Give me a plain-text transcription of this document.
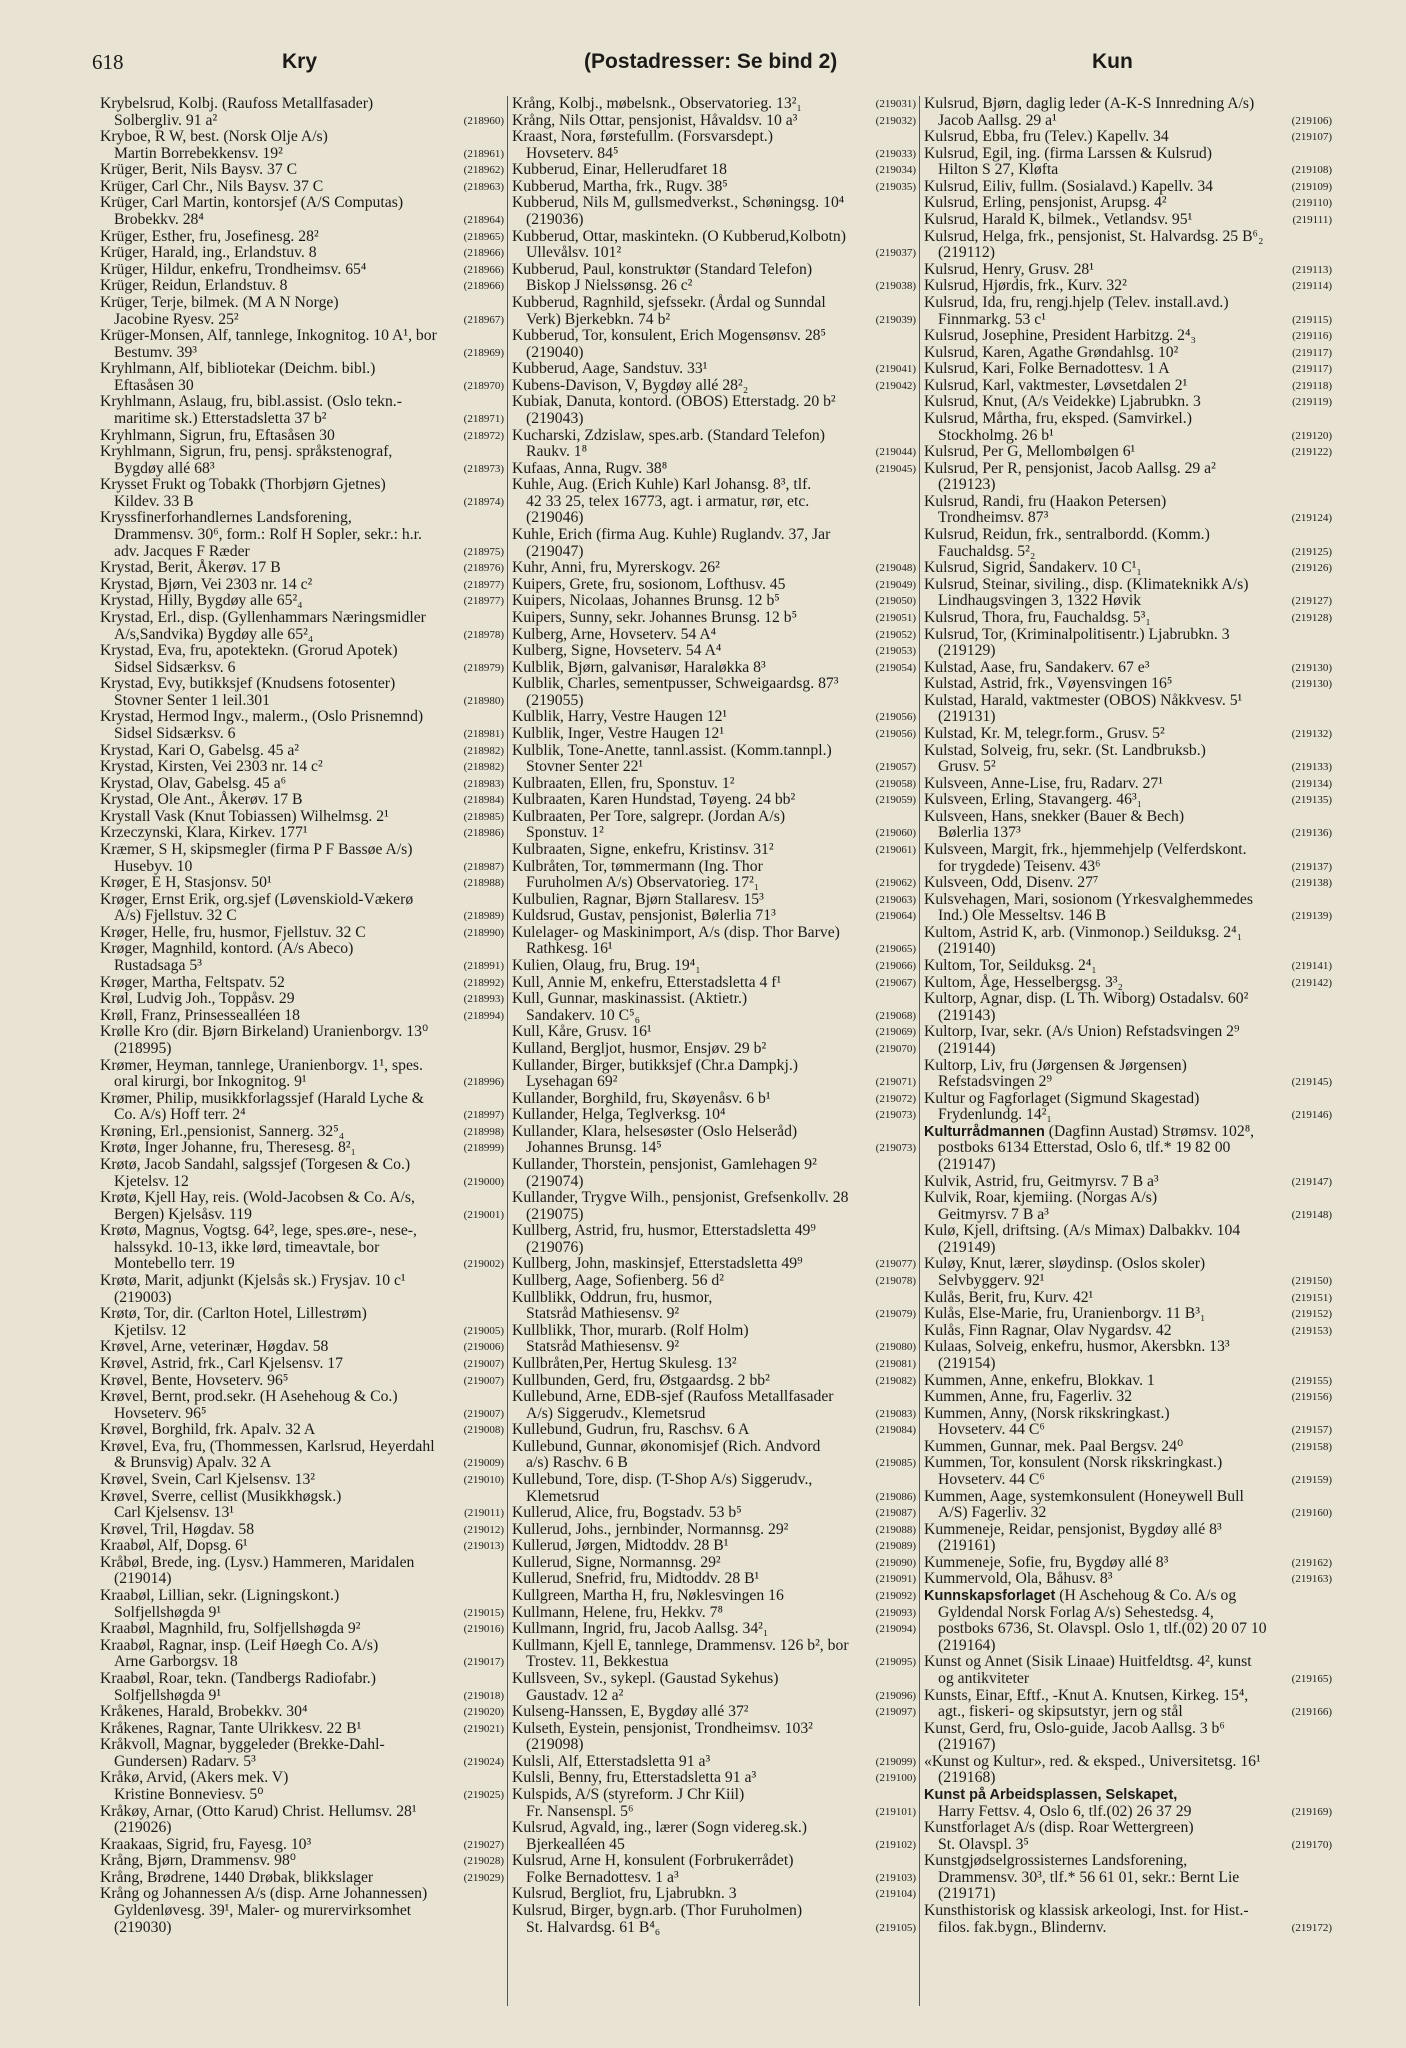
618	Kry	(Postadresser: Se bind 2)	Kun
Krybelsrud, Kolbj. (Raufoss Metallfasader)
Solbergliv. 91 a²	(218960)
Kryboe, R W, best. (Norsk Olje A/s)
Martin Borrebekkensv. 19²	(218961)
Krüger, Berit, Nils Baysv. 37 C	(218962)
Krüger, Carl Chr., Nils Baysv. 37 C	(218963)
Krüger, Carl Martin, kontorsjef (A/S Computas)
Brobekkv. 28⁴	(218964)
Krüger, Esther, fru, Josefinesg. 28²	(218965)
Krüger, Harald, ing., Erlandstuv. 8	(218966)
Krüger, Hildur, enkefru, Trondheimsv. 65⁴	(218966)
Krüger, Reidun, Erlandstuv. 8	(218966)
Krüger, Terje, bilmek. (M A N Norge)
Jacobine Ryesv. 25²	(218967)
Krüger-Monsen, Alf, tannlege, Inkognitog. 10 A¹, bor
Bestumv. 39³	(218969)
Kryhlmann, Alf, bibliotekar (Deichm. bibl.)
Eftasåsen 30	(218970)
Kryhlmann, Aslaug, fru, bibl.assist. (Oslo tekn.-
maritime sk.) Etterstadsletta 37 b²	(218971)
Kryhlmann, Sigrun, fru, Eftasåsen 30	(218972)
Kryhlmann, Sigrun, fru, pensj. språkstenograf,
Bygdøy allé 68³	(218973)
Krysset Frukt og Tobakk (Thorbjørn Gjetnes)
Kildev. 33 B	(218974)
Kryssfinerforhandlernes Landsforening,
Drammensv. 30⁶, form.: Rolf H Sopler, sekr.: h.r.
adv. Jacques F Ræder	(218975)
Krystad, Berit, Åkerøv. 17 B	(218976)
Krystad, Bjørn, Vei 2303 nr. 14 c²	(218977)
Krystad, Hilly, Bygdøy alle 65²₄	(218977)
Krystad, Erl., disp. (Gyllenhammars Næringsmidler
A/s,Sandvika) Bygdøy alle 65²₄	(218978)
Krystad, Eva, fru, apotektekn. (Grorud Apotek)
Sidsel Sidsærksv. 6	(218979)
Krystad, Evy, butikksjef (Knudsens fotosenter)
Stovner Senter 1 leil.301	(218980)
Krystad, Hermod Ingv., malerm., (Oslo Prisnemnd)
Sidsel Sidsærksv. 6	(218981)
Krystad, Kari O, Gabelsg. 45 a²	(218982)
Krystad, Kirsten, Vei 2303 nr. 14 c²	(218982)
Krystad, Olav, Gabelsg. 45 a⁶	(218983)
Krystad, Ole Ant., Åkerøv. 17 B	(218984)
Krystall Vask (Knut Tobiassen) Wilhelmsg. 2¹	(218985)
Krzeczynski, Klara, Kirkev. 177¹	(218986)
Kræmer, S H, skipsmegler (firma P F Bassøe A/s)
Husebyv. 10	(218987)
Krøger, E H, Stasjonsv. 50¹	(218988)
Krøger, Ernst Erik, org.sjef (Løvenskiold-Vækerø
A/s) Fjellstuv. 32 C	(218989)
Krøger, Helle, fru, husmor, Fjellstuv. 32 C	(218990)
Krøger, Magnhild, kontord. (A/s Abeco)
Rustadsaga 5³	(218991)
Krøger, Martha, Feltspatv. 52	(218992)
Krøl, Ludvig Joh., Toppåsv. 29	(218993)
Krøll, Franz, Prinsessealléen 18	(218994)
Krølle Kro (dir. Bjørn Birkeland) Uranienborgv. 13⁰
(218995)
Krømer, Heyman, tannlege, Uranienborgv. 1¹, spes.
oral kirurgi, bor Inkognitog. 9¹	(218996)
Krømer, Philip, musikkforlagssjef (Harald Lyche &
Co. A/s) Hoff terr. 2⁴	(218997)
Krøning, Erl.,pensionist, Sannerg. 32⁵₄	(218998)
Krøtø, Inger Johanne, fru, Theresesg. 8²₁	(218999)
Krøtø, Jacob Sandahl, salgssjef (Torgesen & Co.)
Kjetelsv. 12	(219000)
Krøtø, Kjell Hay, reis. (Wold-Jacobsen & Co. A/s,
Bergen) Kjelsåsv. 119	(219001)
Krøtø, Magnus, Vogtsg. 64², lege, spes.øre-, nese-,
halssykd. 10-13, ikke lørd, timeavtale, bor
Montebello terr. 19	(219002)
Krøtø, Marit, adjunkt (Kjelsås sk.) Frysjav. 10 c¹
(219003)
Krøtø, Tor, dir. (Carlton Hotel, Lillestrøm)
Kjetilsv. 12	(219005)
Krøvel, Arne, veterinær, Høgdav. 58	(219006)
Krøvel, Astrid, frk., Carl Kjelsensv. 17	(219007)
Krøvel, Bente, Hovseterv. 96⁵	(219007)
Krøvel, Bernt, prod.sekr. (H Asehehoug & Co.)
Hovseterv. 96⁵	(219007)
Krøvel, Borghild, frk. Apalv. 32 A	(219008)
Krøvel, Eva, fru, (Thommessen, Karlsrud, Heyerdahl
& Brunsvig) Apalv. 32 A	(219009)
Krøvel, Svein, Carl Kjelsensv. 13²	(219010)
Krøvel, Sverre, cellist (Musikkhøgsk.)
Carl Kjelsensv. 13¹	(219011)
Krøvel, Tril, Høgdav. 58	(219012)
Kraabøl, Alf, Dopsg. 6¹	(219013)
Kråbøl, Brede, ing. (Lysv.) Hammeren, Maridalen
(219014)
Kraabøl, Lillian, sekr. (Ligningskont.)
Solfjellshøgda 9¹	(219015)
Kraabøl, Magnhild, fru, Solfjellshøgda 9²	(219016)
Kraabøl, Ragnar, insp. (Leif Høegh Co. A/s)
Arne Garborgsv. 18	(219017)
Kraabøl, Roar, tekn. (Tandbergs Radiofabr.)
Solfjellshøgda 9¹	(219018)
Kråkenes, Harald, Brobekkv. 30⁴	(219020)
Kråkenes, Ragnar, Tante Ulrikkesv. 22 B¹	(219021)
Kråkvoll, Magnar, byggeleder (Brekke-Dahl-
Gundersen) Radarv. 5³	(219024)
Kråkø, Arvid, (Akers mek. V)
Kristine Bonneviesv. 5⁰	(219025)
Kråkøy, Arnar, (Otto Karud) Christ. Hellumsv. 28¹
(219026)
Kraakaas, Sigrid, fru, Fayesg. 10³	(219027)
Krång, Bjørn, Drammensv. 98⁰	(219028)
Krång, Brødrene, 1440 Drøbak, blikkslager	(219029)
Krång og Johannessen A/s (disp. Arne Johannessen)
Gyldenløvesg. 39¹, Maler- og murervirksomhet
(219030)
Krång, Kolbj., møbelsnk., Observatorieg. 13²₁	(219031)
Krång, Nils Ottar, pensjonist, Håvaldsv. 10 a³	(219032)
Kraast, Nora, førstefullm. (Forsvarsdept.)
Hovseterv. 84⁵	(219033)
Kubberud, Einar, Hellerudfaret 18	(219034)
Kubberud, Martha, frk., Rugv. 38⁵	(219035)
Kubberud, Nils M, gullsmedverkst., Schøningsg. 10⁴
(219036)
Kubberud, Ottar, maskintekn. (O Kubberud,Kolbotn)
Ullevålsv. 101²	(219037)
Kubberud, Paul, konstruktør (Standard Telefon)
Biskop J Nielssønsg. 26 c²	(219038)
Kubberud, Ragnhild, sjefssekr. (Årdal og Sunndal
Verk) Bjerkebkn. 74 b²	(219039)
Kubberud, Tor, konsulent, Erich Mogensønsv. 28⁵
(219040)
Kubberud, Aage, Sandstuv. 33¹	(219041)
Kubens-Davison, V, Bygdøy allé 28²₂	(219042)
Kubiak, Danuta, kontord. (OBOS) Etterstadg. 20 b²
(219043)
Kucharski, Zdzislaw, spes.arb. (Standard Telefon)
Raukv. 1⁸	(219044)
Kufaas, Anna, Rugv. 38⁸	(219045)
Kuhle, Aug. (Erich Kuhle) Karl Johansg. 8³, tlf.
42 33 25, telex 16773, agt. i armatur, rør, etc.
(219046)
Kuhle, Erich (firma Aug. Kuhle) Ruglandv. 37, Jar
(219047)
Kuhr, Anni, fru, Myrerskogv. 26²	(219048)
Kuipers, Grete, fru, sosionom, Lofthusv. 45	(219049)
Kuipers, Nicolaas, Johannes Brunsg. 12 b⁵	(219050)
Kuipers, Sunny, sekr. Johannes Brunsg. 12 b⁵	(219051)
Kulberg, Arne, Hovseterv. 54 A⁴	(219052)
Kulberg, Signe, Hovseterv. 54 A⁴	(219053)
Kulblik, Bjørn, galvanisør, Haraløkka 8³	(219054)
Kulblik, Charles, sementpusser, Schweigaardsg. 87³
(219055)
Kulblik, Harry, Vestre Haugen 12¹	(219056)
Kulblik, Inger, Vestre Haugen 12¹	(219056)
Kulblik, Tone-Anette, tannl.assist. (Komm.tannpl.)
Stovner Senter 22¹	(219057)
Kulbraaten, Ellen, fru, Sponstuv. 1²	(219058)
Kulbraaten, Karen Hundstad, Tøyeng. 24 bb²	(219059)
Kulbraaten, Per Tore, salgrepr. (Jordan A/s)
Sponstuv. 1²	(219060)
Kulbraaten, Signe, enkefru, Kristinsv. 31²	(219061)
Kulbråten, Tor, tømmermann (Ing. Thor
Furuholmen A/s) Observatorieg. 17²₁	(219062)
Kulbulien, Ragnar, Bjørn Stallaresv. 15³	(219063)
Kuldsrud, Gustav, pensjonist, Bølerlia 71³	(219064)
Kulelager- og Maskinimport, A/s (disp. Thor Barve)
Rathkesg. 16¹	(219065)
Kulien, Olaug, fru, Brug. 19⁴₁	(219066)
Kull, Annie M, enkefru, Etterstadsletta 4 f¹	(219067)
Kull, Gunnar, maskinassist. (Aktietr.)
Sandakerv. 10 C⁵₆	(219068)
Kull, Kåre, Grusv. 16¹	(219069)
Kulland, Bergljot, husmor, Ensjøv. 29 b²	(219070)
Kullander, Birger, butikksjef (Chr.a Dampkj.)
Lysehagan 69²	(219071)
Kullander, Borghild, fru, Skøyenåsv. 6 b¹	(219072)
Kullander, Helga, Teglverksg. 10⁴	(219073)
Kullander, Klara, helsesøster (Oslo Helseråd)
Johannes Brunsg. 14⁵	(219073)
Kullander, Thorstein, pensjonist, Gamlehagen 9²
(219074)
Kullander, Trygve Wilh., pensjonist, Grefsenkollv. 28
(219075)
Kullberg, Astrid, fru, husmor, Etterstadsletta 49⁹
(219076)
Kullberg, John, maskinsjef, Etterstadsletta 49⁹	(219077)
Kullberg, Aage, Sofienberg. 56 d²	(219078)
Kullblikk, Oddrun, fru, husmor,
Statsråd Mathiesensv. 9²	(219079)
Kullblikk, Thor, murarb. (Rolf Holm)
Statsråd Mathiesensv. 9²	(219080)
Kullbråten,Per, Hertug Skulesg. 13²	(219081)
Kullbunden, Gerd, fru, Østgaardsg. 2 bb²	(219082)
Kullebund, Arne, EDB-sjef (Raufoss Metallfasader
A/s) Siggerudv., Klemetsrud	(219083)
Kullebund, Gudrun, fru, Raschsv. 6 A	(219084)
Kullebund, Gunnar, økonomisjef (Rich. Andvord
a/s) Raschv. 6 B	(219085)
Kullebund, Tore, disp. (T-Shop A/s) Siggerudv.,
Klemetsrud	(219086)
Kullerud, Alice, fru, Bogstadv. 53 b⁵	(219087)
Kullerud, Johs., jernbinder, Normannsg. 29²	(219088)
Kullerud, Jørgen, Midtoddv. 28 B¹	(219089)
Kullerud, Signe, Normannsg. 29²	(219090)
Kullerud, Snefrid, fru, Midtoddv. 28 B¹	(219091)
Kullgreen, Martha H, fru, Nøklesvingen 16	(219092)
Kullmann, Helene, fru, Hekkv. 7⁸	(219093)
Kullmann, Ingrid, fru, Jacob Aallsg. 34²₁	(219094)
Kullmann, Kjell E, tannlege, Drammensv. 126 b², bor
Trostev. 11, Bekkestua	(219095)
Kullsveen, Sv., sykepl. (Gaustad Sykehus)
Gaustadv. 12 a²	(219096)
Kulseng-Hanssen, E, Bygdøy allé 37²	(219097)
Kulseth, Eystein, pensjonist, Trondheimsv. 103²
(219098)
Kulsli, Alf, Etterstadsletta 91 a³	(219099)
Kulsli, Benny, fru, Etterstadsletta 91 a³	(219100)
Kulspids, A/S (styreform. J Chr Kiil)
Fr. Nansenspl. 5⁶	(219101)
Kulsrud, Agvald, ing., lærer (Sogn videreg.sk.)
Bjerkealléen 45	(219102)
Kulsrud, Arne H, konsulent (Forbrukerrådet)
Folke Bernadottesv. 1 a³	(219103)
Kulsrud, Bergliot, fru, Ljabrubkn. 3	(219104)
Kulsrud, Birger, bygn.arb. (Thor Furuholmen)
St. Halvardsg. 61 B⁴₆	(219105)
Kulsrud, Bjørn, daglig leder (A-K-S Innredning A/s)
Jacob Aallsg. 29 a¹	(219106)
Kulsrud, Ebba, fru (Telev.) Kapellv. 34	(219107)
Kulsrud, Egil, ing. (firma Larssen & Kulsrud)
Hilton S 27, Kløfta	(219108)
Kulsrud, Eiliv, fullm. (Sosialavd.) Kapellv. 34	(219109)
Kulsrud, Erling, pensjonist, Arupsg. 4²	(219110)
Kulsrud, Harald K, bilmek., Vetlandsv. 95¹	(219111)
Kulsrud, Helga, frk., pensjonist, St. Halvardsg. 25 B⁶₂
(219112)
Kulsrud, Henry, Grusv. 28¹	(219113)
Kulsrud, Hjørdis, frk., Kurv. 32²	(219114)
Kulsrud, Ida, fru, rengj.hjelp (Telev. install.avd.)
Finnmarkg. 53 c¹	(219115)
Kulsrud, Josephine, President Harbitzg. 2⁴₃	(219116)
Kulsrud, Karen, Agathe Grøndahlsg. 10²	(219117)
Kulsrud, Kari, Folke Bernadottesv. 1 A	(219117)
Kulsrud, Karl, vaktmester, Løvsetdalen 2¹	(219118)
Kulsrud, Knut, (A/s Veidekke) Ljabrubkn. 3	(219119)
Kulsrud, Mårtha, fru, eksped. (Samvirkel.)
Stockholmg. 26 b¹	(219120)
Kulsrud, Per G, Mellombølgen 6¹	(219122)
Kulsrud, Per R, pensjonist, Jacob Aallsg. 29 a²
(219123)
Kulsrud, Randi, fru (Haakon Petersen)
Trondheimsv. 87³	(219124)
Kulsrud, Reidun, frk., sentralbordd. (Komm.)
Fauchaldsg. 5²₂	(219125)
Kulsrud, Sigrid, Sandakerv. 10 C¹₁	(219126)
Kulsrud, Steinar, siviling., disp. (Klimateknikk A/s)
Lindhaugsvingen 3, 1322 Høvik	(219127)
Kulsrud, Thora, fru, Fauchaldsg. 5³₁	(219128)
Kulsrud, Tor, (Kriminalpolitisentr.) Ljabrubkn. 3
(219129)
Kulstad, Aase, fru, Sandakerv. 67 e³	(219130)
Kulstad, Astrid, frk., Vøyensvingen 16⁵	(219130)
Kulstad, Harald, vaktmester (OBOS) Nåkkvesv. 5¹
(219131)
Kulstad, Kr. M, telegr.form., Grusv. 5²	(219132)
Kulstad, Solveig, fru, sekr. (St. Landbruksb.)
Grusv. 5²	(219133)
Kulsveen, Anne-Lise, fru, Radarv. 27¹	(219134)
Kulsveen, Erling, Stavangerg. 46³₁	(219135)
Kulsveen, Hans, snekker (Bauer & Bech)
Bølerlia 137³	(219136)
Kulsveen, Margit, frk., hjemmehjelp (Velferdskont.
for trygdede) Teisenv. 43⁶	(219137)
Kulsveen, Odd, Disenv. 27⁷	(219138)
Kulsvehagen, Mari, sosionom (Yrkesvalghemmedes
Ind.) Ole Messeltsv. 146 B	(219139)
Kultom, Astrid K, arb. (Vinmonop.) Seilduksg. 2⁴₁
(219140)
Kultom, Tor, Seilduksg. 2⁴₁	(219141)
Kultom, Åge, Hesselbergsg. 3³₂	(219142)
Kultorp, Agnar, disp. (L Th. Wiborg) Ostadalsv. 60²
(219143)
Kultorp, Ivar, sekr. (A/s Union) Refstadsvingen 2⁹
(219144)
Kultorp, Liv, fru (Jørgensen & Jørgensen)
Refstadsvingen 2⁹	(219145)
Kultur og Fagforlaget (Sigmund Skagestad)
Frydenlundg. 14²₁	(219146)
Kulturrådmannen (Dagfinn Austad) Strømsv. 102⁸,
postboks 6134 Etterstad, Oslo 6, tlf.* 19 82 00
(219147)
Kulvik, Astrid, fru, Geitmyrsv. 7 B a³	(219147)
Kulvik, Roar, kjemiing. (Norgas A/s)
Geitmyrsv. 7 B a³	(219148)
Kulø, Kjell, driftsing. (A/s Mimax) Dalbakkv. 104
(219149)
Kuløy, Knut, lærer, sløydinsp. (Oslos skoler)
Selvbyggerv. 92¹	(219150)
Kulås, Berit, fru, Kurv. 42¹	(219151)
Kulås, Else-Marie, fru, Uranienborgv. 11 B³₁	(219152)
Kulås, Finn Ragnar, Olav Nygardsv. 42	(219153)
Kulaas, Solveig, enkefru, husmor, Akersbkn. 13³
(219154)
Kummen, Anne, enkefru, Blokkav. 1	(219155)
Kummen, Anne, fru, Fagerliv. 32	(219156)
Kummen, Anny, (Norsk rikskringkast.)
Hovseterv. 44 C⁶	(219157)
Kummen, Gunnar, mek. Paal Bergsv. 24⁰	(219158)
Kummen, Tor, konsulent (Norsk rikskringkast.)
Hovseterv. 44 C⁶	(219159)
Kummen, Aage, systemkonsulent (Honeywell Bull
A/S) Fagerliv. 32	(219160)
Kummeneje, Reidar, pensjonist, Bygdøy allé 8³
(219161)
Kummeneje, Sofie, fru, Bygdøy allé 8³	(219162)
Kummervold, Ola, Båhusv. 8³	(219163)
Kunnskapsforlaget (H Aschehoug & Co. A/s og
Gyldendal Norsk Forlag A/s) Sehestedsg. 4,
postboks 6736, St. Olavspl. Oslo 1, tlf.(02) 20 07 10
(219164)
Kunst og Annet (Sisik Linaae) Huitfeldtsg. 4², kunst
og antikviteter	(219165)
Kunsts, Einar, Eftf., -Knut A. Knutsen, Kirkeg. 15⁴,
agt., fiskeri- og skipsutstyr, jern og stål	(219166)
Kunst, Gerd, fru, Oslo-guide, Jacob Aallsg. 3 b⁶
(219167)
«Kunst og Kultur», red. & eksped., Universitetsg. 16¹
(219168)
Kunst på Arbeidsplassen, Selskapet,
Harry Fettsv. 4, Oslo 6, tlf.(02) 26 37 29	(219169)
Kunstforlaget A/s (disp. Roar Wettergreen)
St. Olavspl. 3⁵	(219170)
Kunstgjødselgrossisternes Landsforening,
Drammensv. 30³, tlf.* 56 61 01, sekr.: Bernt Lie
(219171)
Kunsthistorisk og klassisk arkeologi, Inst. for Hist.-
filos. fak.bygn., Blindernv.	(219172)
